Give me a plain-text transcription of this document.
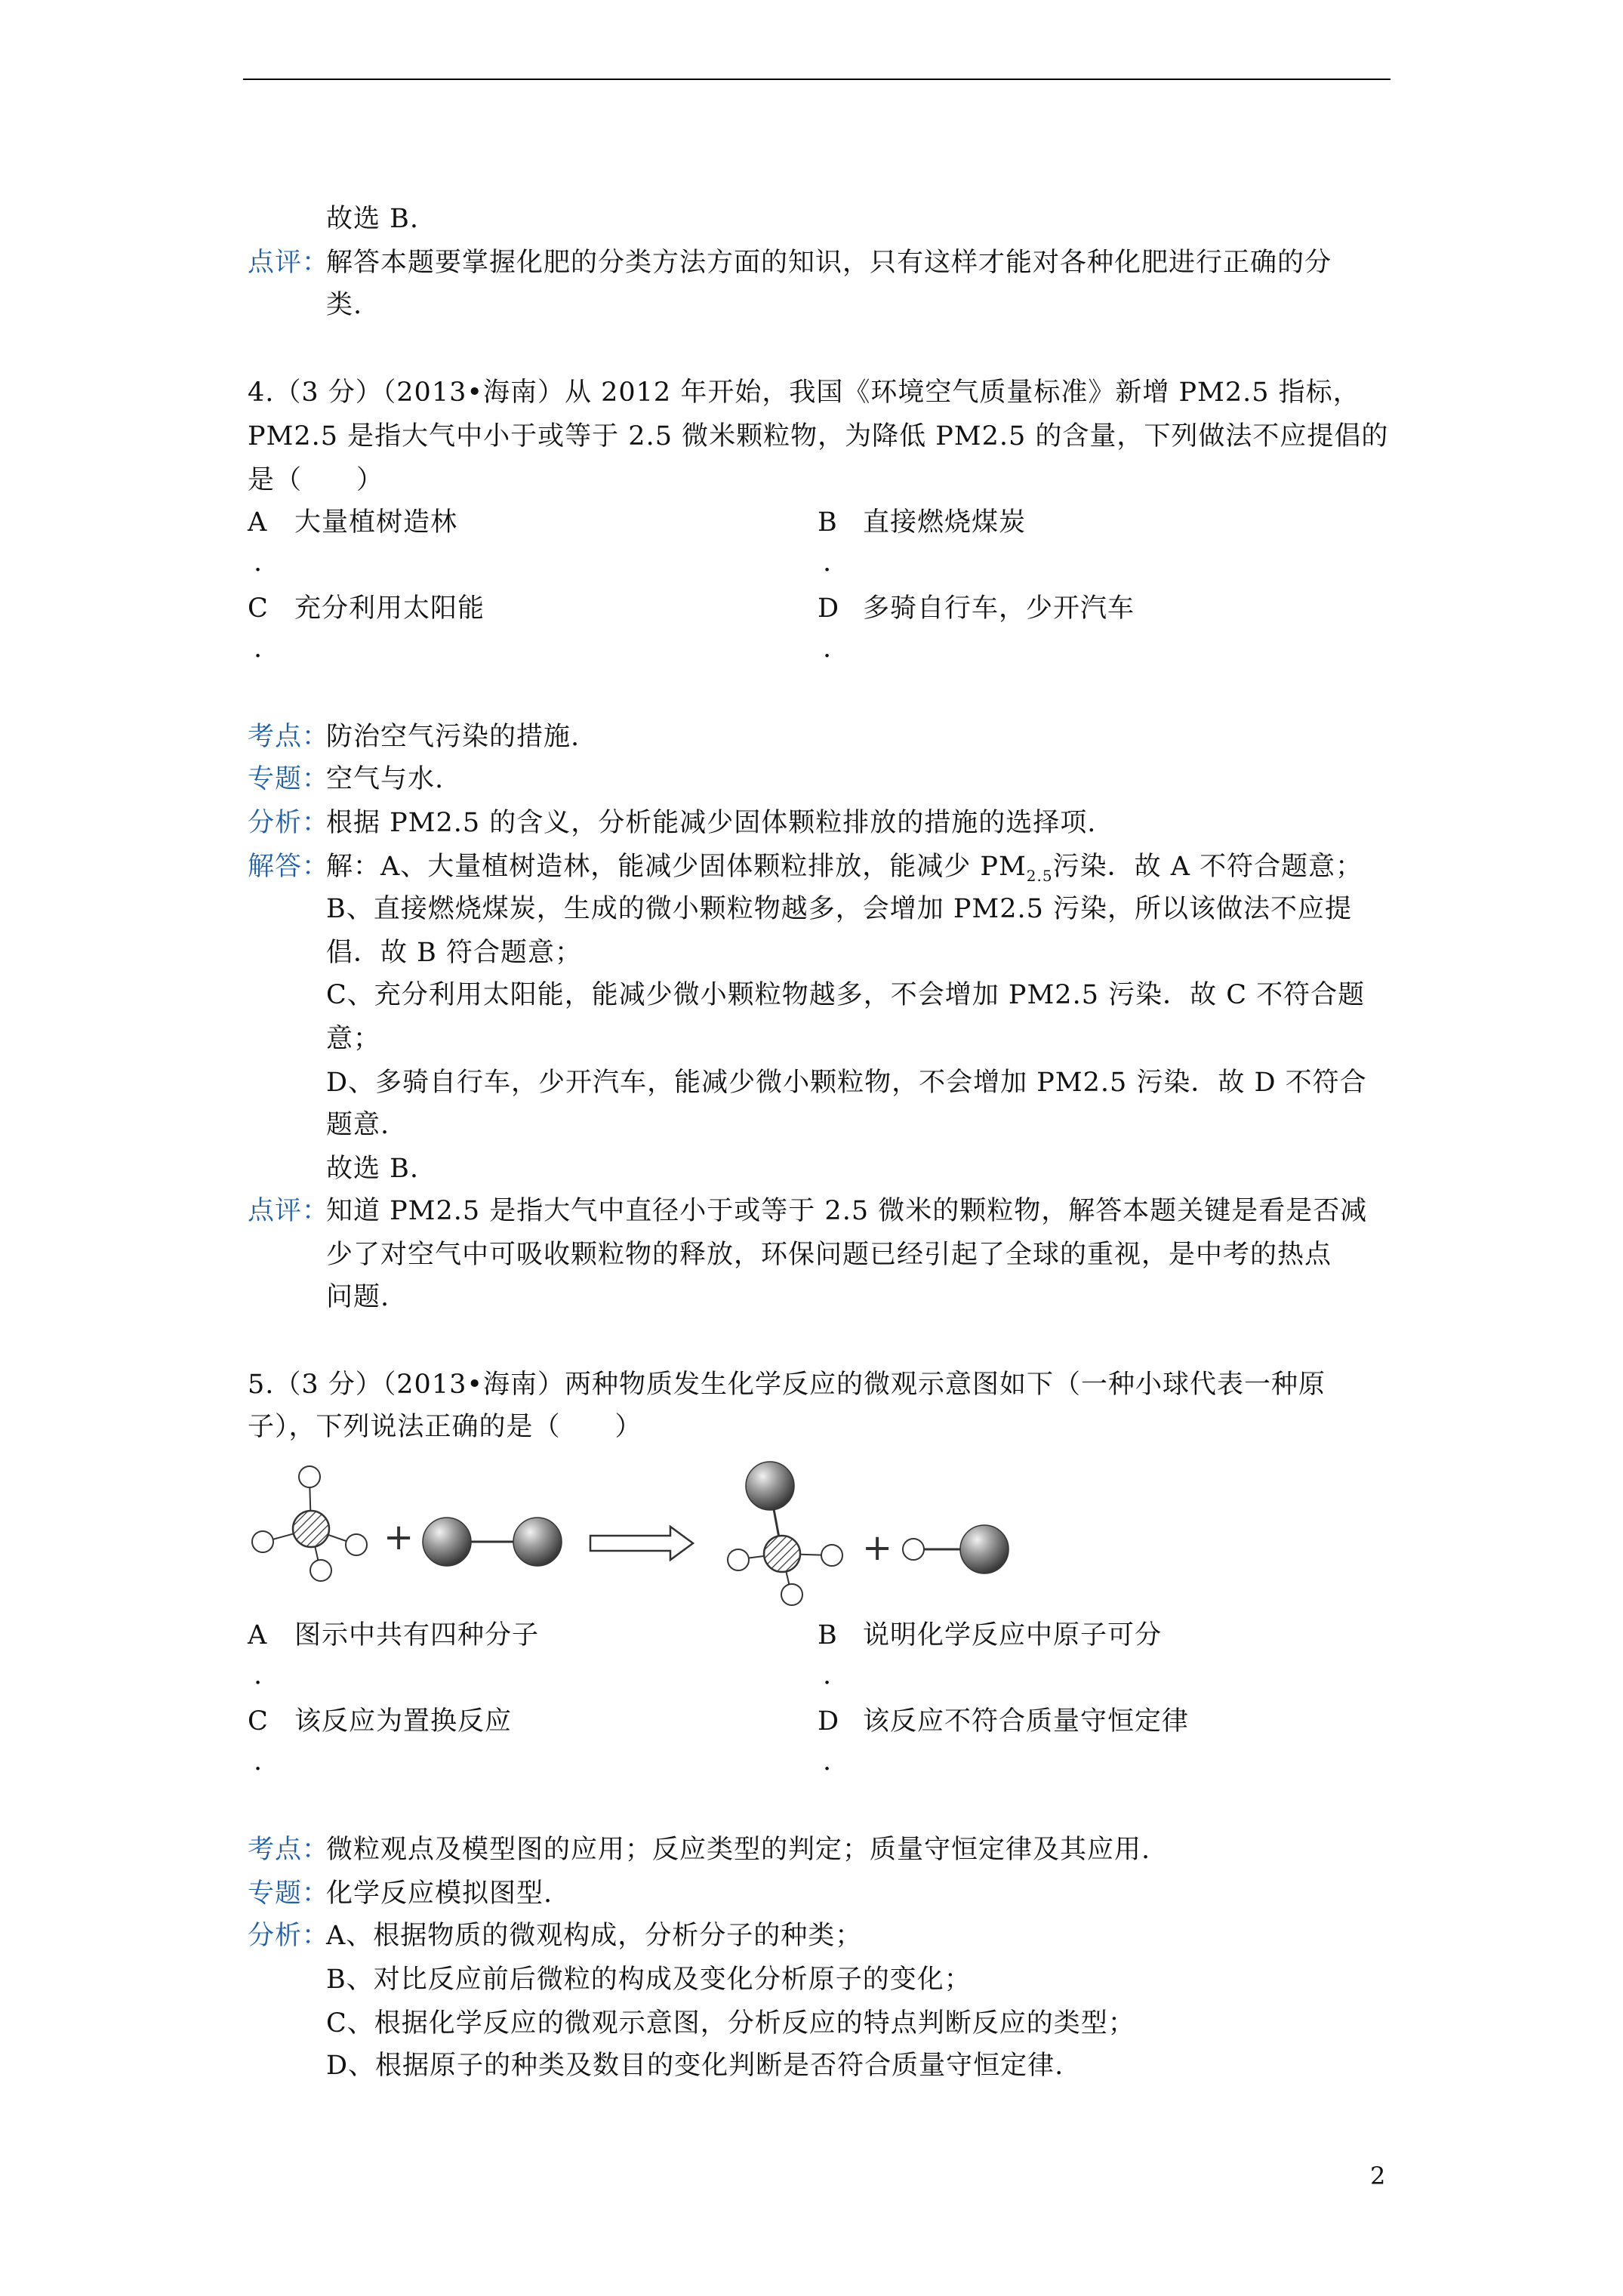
故选 B.
点评：
解答本题要掌握化肥的分类方法方面的知识，只有这样才能对各种化肥进行正确的分
类.
4.（3 分）（2013•海南）从 2012 年开始，我国《环境空气质量标准》新增 PM2.5 指标，
PM2.5 是指大气中小于或等于 2.5 微米颗粒物，为降低 PM2.5 的含量，下列做法不应提倡的
是（　　）
A 大量植树造林	B 直接燃烧煤炭
.	.
C 充分利用太阳能	D 多骑自行车，少开汽车
.	.
考点：
防治空气污染的措施.
专题：
空气与水.
分析：
根据 PM2.5 的含义，分析能减少固体颗粒排放的措施的选择项.
解答：
解：A、大量植树造林，能减少固体颗粒排放，能减少 $PM_{2.5}$污染．故 A 不符合题意；
B、直接燃烧煤炭，生成的微小颗粒物越多，会增加 PM2.5 污染，所以该做法不应提
倡．故 B 符合题意；
C、充分利用太阳能，能减少微小颗粒物越多，不会增加 PM2.5 污染．故 C 不符合题
意；
D、多骑自行车，少开汽车，能减少微小颗粒物，不会增加 PM2.5 污染．故 D 不符合
题意.
故选 B.
点评：
知道 PM2.5 是指大气中直径小于或等于 2.5 微米的颗粒物，解答本题关键是看是否减
少了对空气中可吸收颗粒物的释放，环保问题已经引起了全球的重视，是中考的热点
问题.
5.（3 分）（2013•海南）两种物质发生化学反应的微观示意图如下（一种小球代表一种原
子），下列说法正确的是（　　）
+	+
A 图示中共有四种分子	B 说明化学反应中原子可分
.	.
C 该反应为置换反应	D 该反应不符合质量守恒定律
.	.
考点：
微粒观点及模型图的应用；反应类型的判定；质量守恒定律及其应用.
专题：
化学反应模拟图型.
分析：
A、根据物质的微观构成，分析分子的种类；
B、对比反应前后微粒的构成及变化分析原子的变化；
C、根据化学反应的微观示意图，分析反应的特点判断反应的类型；
D、根据原子的种类及数目的变化判断是否符合质量守恒定律.
2
